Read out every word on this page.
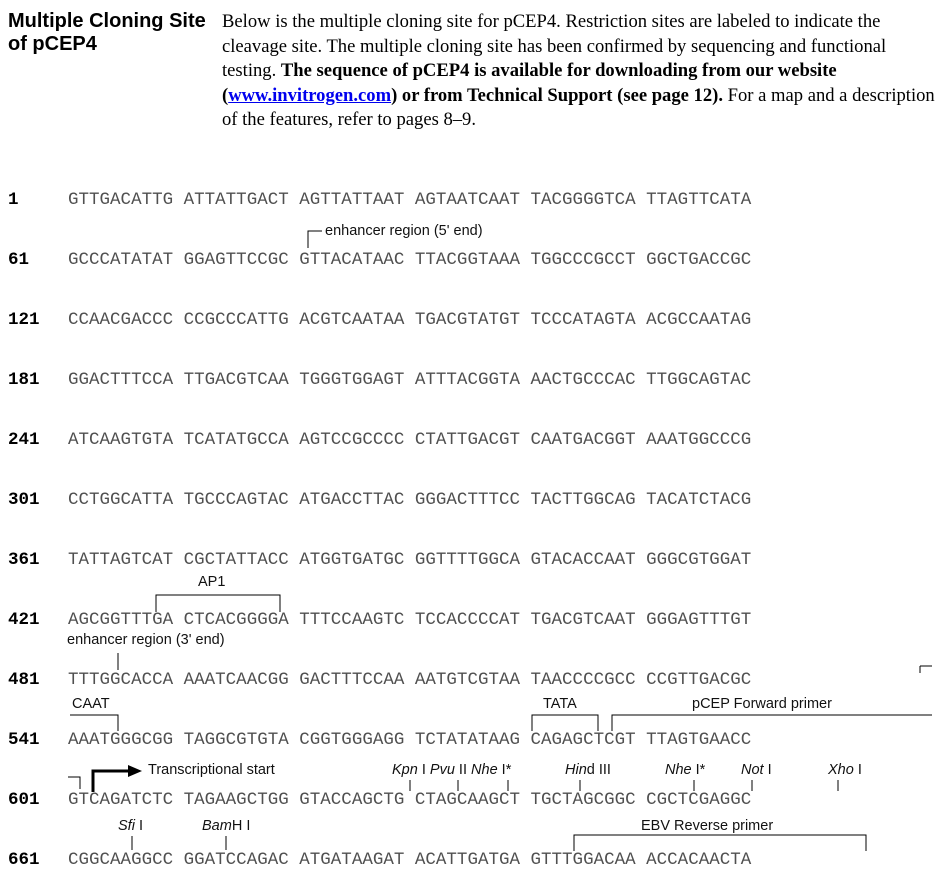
Multiple Cloning Site of pCEP4
Below is the multiple cloning site for pCEP4. Restriction sites are labeled to indicate the cleavage site. The multiple cloning site has been confirmed by sequencing and functional testing. The sequence of pCEP4 is available for downloading from our website (www.invitrogen.com) or from Technical Support (see page 12). For a map and a description of the features, refer to pages 8–9.
1	GTTGACATTG ATTATTGACT AGTTATTAAT AGTAATCAAT TACGGGGTCA TTAGTTCATA
61 GCCCATATAT GGAGTTCCGC GTTACATAAC TTACGGTAAA TGGCCCGCCT GGCTGACCGC
121 CCAACGACCC CCGCCCATTG ACGTCAATAA TGACGTATGT TCCCATAGTA ACGCCAATAG
181 GGACTTTCCA TTGACGTCAA TGGGTGGAGT ATTTACGGTA AACTGCCCAC TTGGCAGTAC
241 ATCAAGTGTA TCATATGCCA AGTCCGCCCC CTATTGACGT CAATGACGGT AAATGGCCCG
301 CCTGGCATTA TGCCCAGTAC ATGACCTTAC GGGACTTTCC TACTTGGCAG TACATCTACG
361 TATTAGTCAT CGCTATTACC ATGGTGATGC GGTTTTGGCA GTACACCAAT GGGCGTGGAT
421 AGCGGTTTGA CTCACGGGGA TTTCCAAGTC TCCACCCCAT TGACGTCAAT GGGAGTTTGT
481 TTTGGCACCA AAATCAACGG GACTTTCCAA AATGTCGTAA TAACCCCGCC CCGTTGACGC
541 AAATGGGCGG TAGGCGTGTA CGGTGGGAGG TCTATATAAG CAGAGCTCGT TTAGTGAACC
601 GTCAGATCTC TAGAAGCTGG GTACCAGCTG CTAGCAAGCT TGCTAGCGGC CGCTCGAGGC
661 CGGCAAGGCC GGATCCAGAC ATGATAAGAT ACATTGATGA GTTTGGACAA ACCACAACTA
enhancer region (5' end)
AP1
enhancer region (3' end)
CAAT	TATA	pCEP Forward primer
Transcriptional start	Kpn I Pvu II Nhe I*	Hind III	Nhe I* Not I	Xho I
Sfi I	BamH I	EBV Reverse primer
